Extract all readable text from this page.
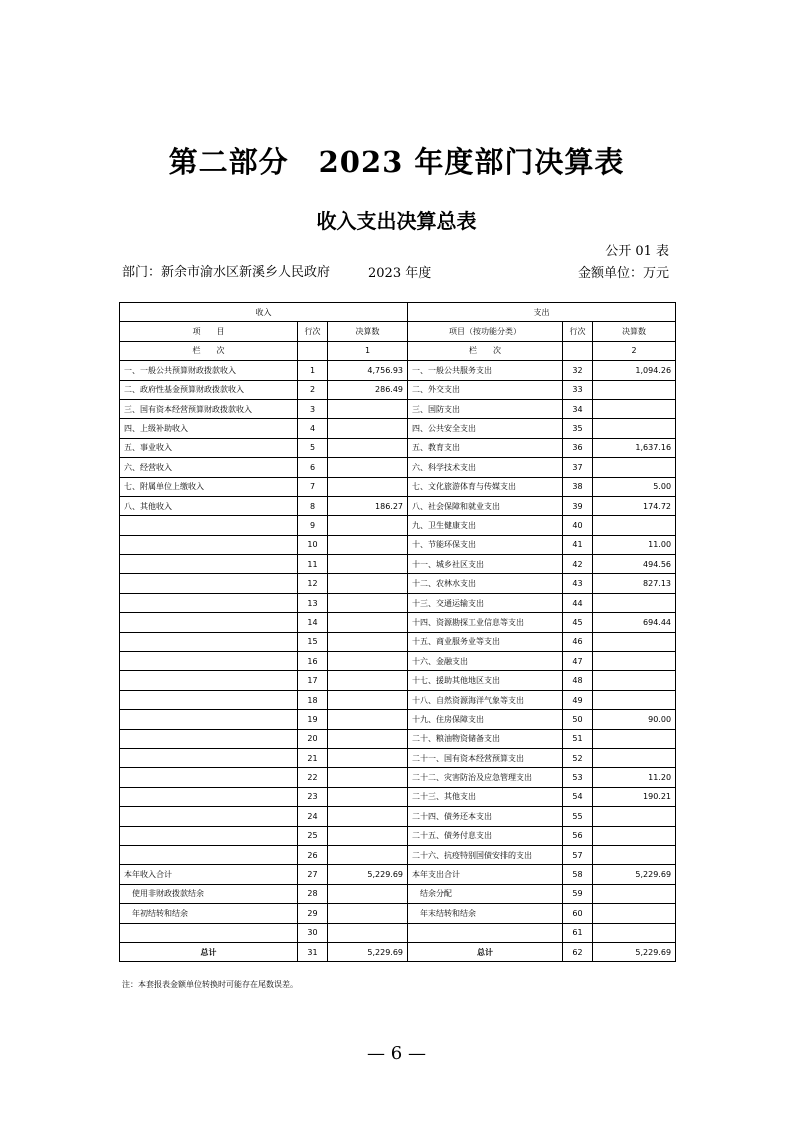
第二部分　2023 年度部门决算表
收入支出决算总表
公开 01 表
部门：新余市渝水区新溪乡人民政府	2023 年度	金额单位：万元
收入			支出		
项　　目	行次	决算数	项目（按功能分类）	行次	决算数
栏　　次		1	栏　　次		2
一、一般公共预算财政拨款收入	1	4,756.93	一、一般公共服务支出	32	1,094.26
二、政府性基金预算财政拨款收入	2	286.49	二、外交支出	33	
三、国有资本经营预算财政拨款收入	3		三、国防支出	34	
四、上级补助收入	4		四、公共安全支出	35	
五、事业收入	5		五、教育支出	36	1,637.16
六、经营收入	6		六、科学技术支出	37	
七、附属单位上缴收入	7		七、文化旅游体育与传媒支出	38	5.00
八、其他收入	8	186.27	八、社会保障和就业支出	39	174.72
	9		九、卫生健康支出	40	
	10		十、节能环保支出	41	11.00
	11		十一、城乡社区支出	42	494.56
	12		十二、农林水支出	43	827.13
	13		十三、交通运输支出	44	
	14		十四、资源勘探工业信息等支出	45	694.44
	15		十五、商业服务业等支出	46	
	16		十六、金融支出	47	
	17		十七、援助其他地区支出	48	
	18		十八、自然资源海洋气象等支出	49	
	19		十九、住房保障支出	50	90.00
	20		二十、粮油物资储备支出	51	
	21		二十一、国有资本经营预算支出	52	
	22		二十二、灾害防治及应急管理支出	53	11.20
	23		二十三、其他支出	54	190.21
	24		二十四、债务还本支出	55	
	25		二十五、债务付息支出	56	
	26		二十六、抗疫特别国债安排的支出	57	
本年收入合计	27	5,229.69	本年支出合计	58	5,229.69
使用非财政拨款结余	28		结余分配	59	
年初结转和结余	29		年末结转和结余	60	
	30			61	
总计	31	5,229.69	总计	62	5,229.69
注：本套报表金额单位转换时可能存在尾数误差。
— 6 —
